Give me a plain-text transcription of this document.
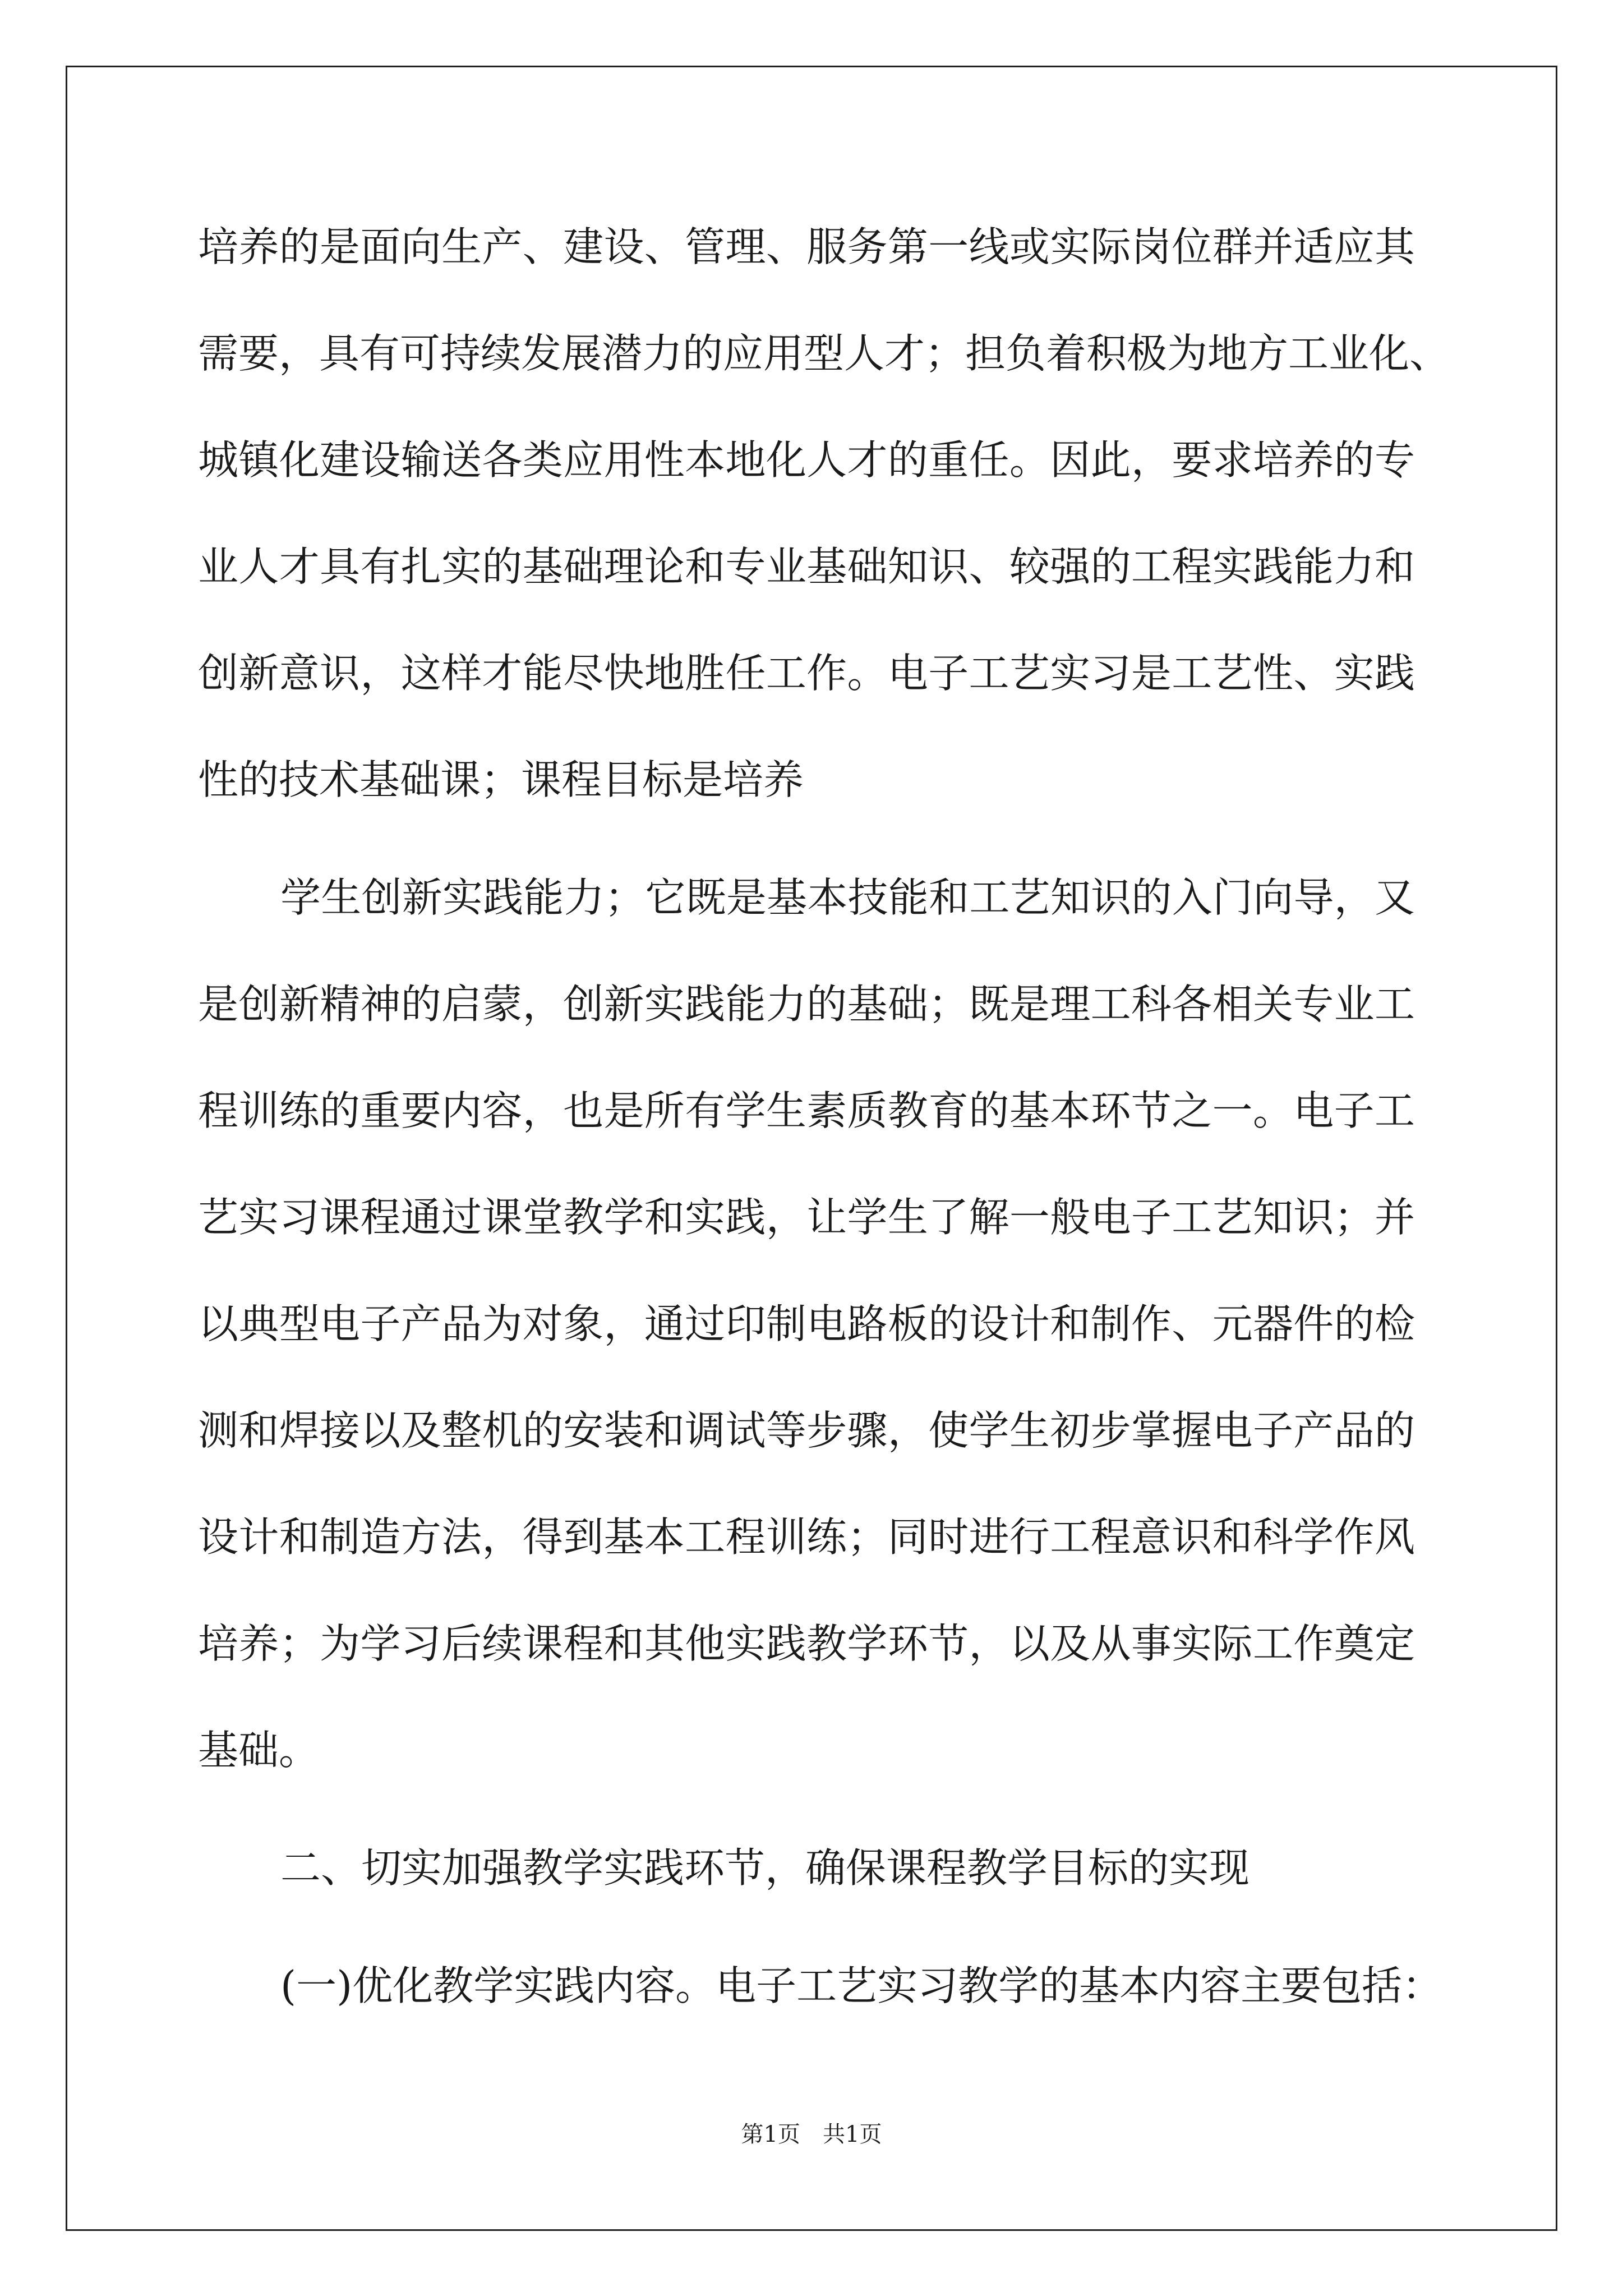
培养的是面向生产、建设、管理、服务第一线或实际岗位群并适应其
需要，具有可持续发展潜力的应用型人才；担负着积极为地方工业化、
城镇化建设输送各类应用性本地化人才的重任。因此，要求培养的专
业人才具有扎实的基础理论和专业基础知识、较强的工程实践能力和
创新意识，这样才能尽快地胜任工作。电子工艺实习是工艺性、实践
性的技术基础课；课程目标是培养
学生创新实践能力；它既是基本技能和工艺知识的入门向导，又
是创新精神的启蒙，创新实践能力的基础；既是理工科各相关专业工
程训练的重要内容，也是所有学生素质教育的基本环节之一。电子工
艺实习课程通过课堂教学和实践，让学生了解一般电子工艺知识；并
以典型电子产品为对象，通过印制电路板的设计和制作、元器件的检
测和焊接以及整机的安装和调试等步骤，使学生初步掌握电子产品的
设计和制造方法，得到基本工程训练；同时进行工程意识和科学作风
培养；为学习后续课程和其他实践教学环节，以及从事实际工作奠定
基础。
二、切实加强教学实践环节，确保课程教学目标的实现
(一)优化教学实践内容。电子工艺实习教学的基本内容主要包括：
第1页　共1页
